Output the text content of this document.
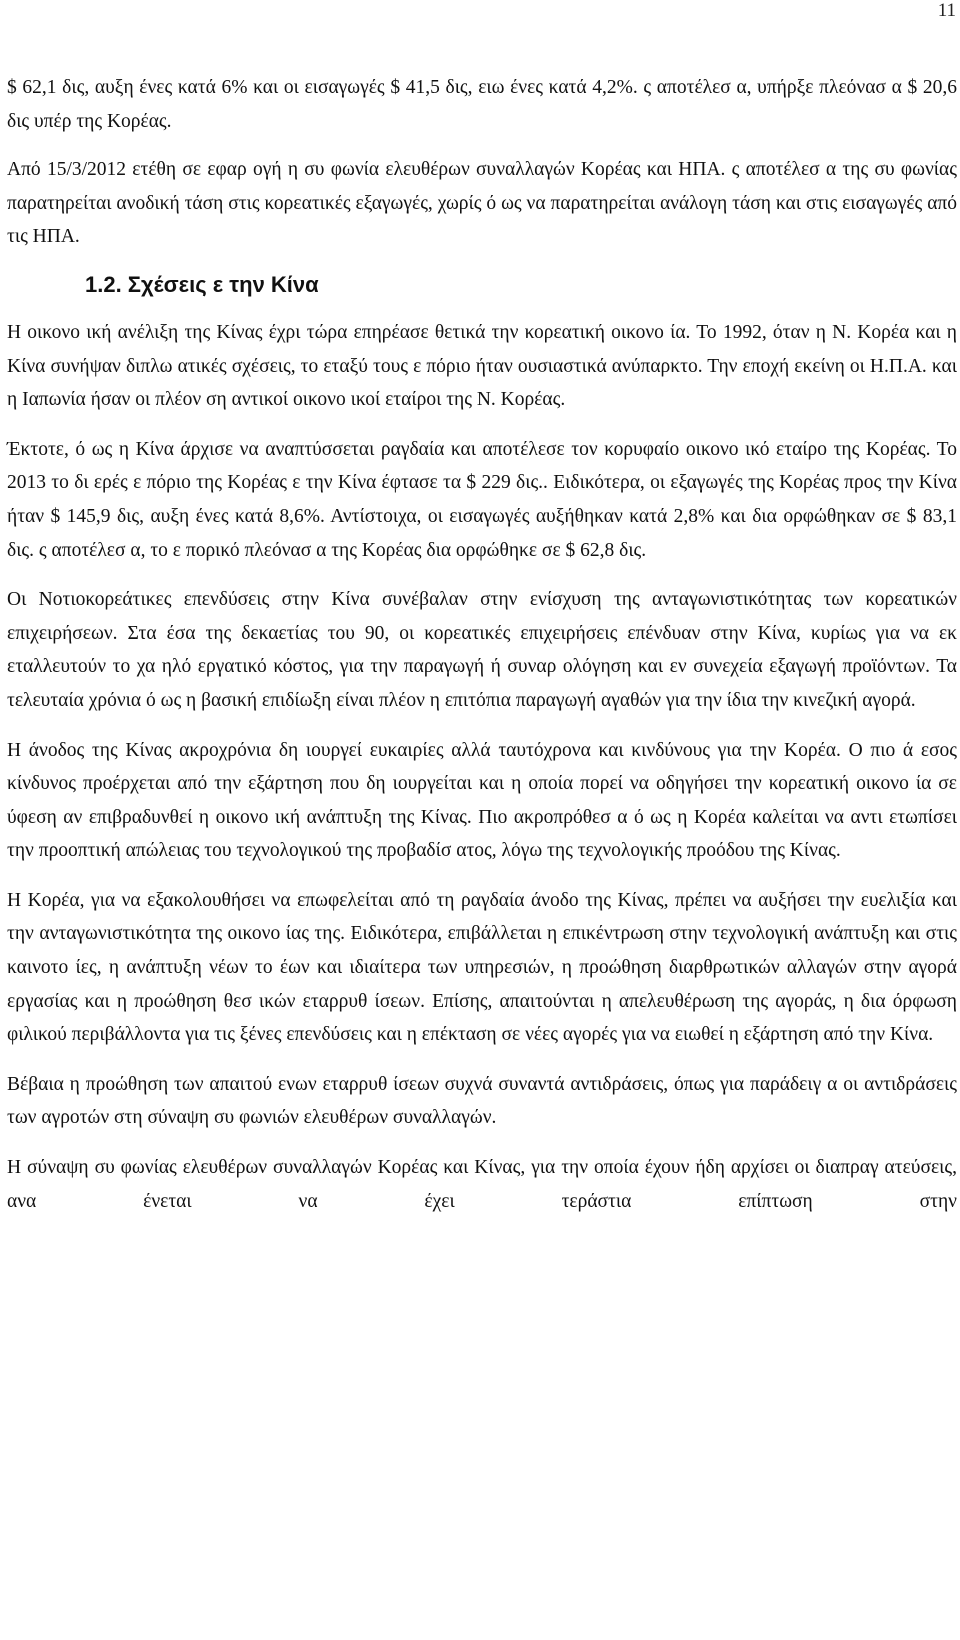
11

$ 62,1 δις, αυξη ένες κατά 6% και οι εισαγωγές $ 41,5 δις, ειω ένες κατά 4,2%. ς αποτέλεσ α, υπήρξε πλεόνασ α $ 20,6 δις υπέρ της Κορέας.

Από 15/3/2012 ετέθη σε εφαρ ογή η συ φωνία ελευθέρων συναλλαγών Κορέας και ΗΠΑ. ς αποτέλεσ α της συ φωνίας παρατηρείται ανοδική τάση στις κορεατικές εξαγωγές, χωρίς ό ως να παρατηρείται ανάλογη τάση και στις εισαγωγές από τις ΗΠΑ.

1.2. Σχέσεις ε την Κίνα

Η οικονο ική ανέλιξη της Κίνας έχρι τώρα επηρέασε θετικά την κορεατική οικονο ία. Το 1992, όταν η Ν. Κορέα και η Κίνα συνήψαν διπλω ατικές σχέσεις, το εταξύ τους ε πόριο ήταν ουσιαστικά ανύπαρκτο. Την εποχή εκείνη οι Η.Π.Α. και η Ιαπωνία ήσαν οι πλέον ση αντικοί οικονο ικοί εταίροι της Ν. Κορέας.

Έκτοτε, ό ως η Κίνα άρχισε να αναπτύσσεται ραγδαία και αποτέλεσε τον κορυφαίο οικονο ικό εταίρο της Κορέας. Το 2013 το δι ερές ε πόριο της Κορέας ε την Κίνα έφτασε τα $ 229 δις.. Ειδικότερα, οι εξαγωγές της Κορέας προς την Κίνα ήταν $ 145,9 δις, αυξη ένες κατά 8,6%. Αντίστοιχα, οι εισαγωγές αυξήθηκαν κατά 2,8% και δια ορφώθηκαν σε $ 83,1 δις. ς αποτέλεσ α, το ε πορικό πλεόνασ α της Κορέας δια ορφώθηκε σε $ 62,8 δις.

Οι Νοτιοκορεάτικες επενδύσεις στην Κίνα συνέβαλαν στην ενίσχυση της ανταγωνιστικότητας των κορεατικών επιχειρήσεων. Στα έσα της δεκαετίας του 90, οι κορεατικές επιχειρήσεις επένδυαν στην Κίνα, κυρίως για να εκ εταλλευτούν το χα ηλό εργατικό κόστος, για την παραγωγή ή συναρ ολόγηση και εν συνεχεία εξαγωγή προϊόντων. Τα τελευταία χρόνια ό ως η βασική επιδίωξη είναι πλέον η επιτόπια παραγωγή αγαθών για την ίδια την κινεζική αγορά.

Η άνοδος της Κίνας ακροχρόνια δη ιουργεί ευκαιρίες αλλά ταυτόχρονα και κινδύνους για την Κορέα. Ο πιο ά εσος κίνδυνος προέρχεται από την εξάρτηση που δη ιουργείται και η οποία πορεί να οδηγήσει την κορεατική οικονο ία σε ύφεση αν επιβραδυνθεί η οικονο ική ανάπτυξη της Κίνας. Πιο ακροπρόθεσ α ό ως η Κορέα καλείται να αντι ετωπίσει την προοπτική απώλειας του τεχνολογικού της προβαδίσ ατος, λόγω της τεχνολογικής προόδου της Κίνας.

Η Κορέα, για να εξακολουθήσει να επωφελείται από τη ραγδαία άνοδο της Κίνας, πρέπει να αυξήσει την ευελιξία και την ανταγωνιστικότητα της οικονο ίας της. Ειδικότερα, επιβάλλεται η επικέντρωση στην τεχνολογική ανάπτυξη και στις καινοτο ίες, η ανάπτυξη νέων το έων και ιδιαίτερα των υπηρεσιών, η προώθηση διαρθρωτικών αλλαγών στην αγορά εργασίας και η προώθηση θεσ ικών εταρρυθ ίσεων. Επίσης, απαιτούνται η απελευθέρωση της αγοράς, η δια όρφωση φιλικού περιβάλλοντα για τις ξένες επενδύσεις και η επέκταση σε νέες αγορές για να ειωθεί η εξάρτηση από την Κίνα.

Βέβαια η προώθηση των απαιτού ενων εταρρυθ ίσεων συχνά συναντά αντιδράσεις, όπως για παράδειγ α οι αντιδράσεις των αγροτών στη σύναψη συ φωνιών ελευθέρων συναλλαγών.

Η σύναψη συ φωνίας ελευθέρων συναλλαγών Κορέας και Κίνας, για την οποία έχουν ήδη αρχίσει οι διαπραγ ατεύσεις, ανα ένεται να έχει τεράστια επίπτωση στην
